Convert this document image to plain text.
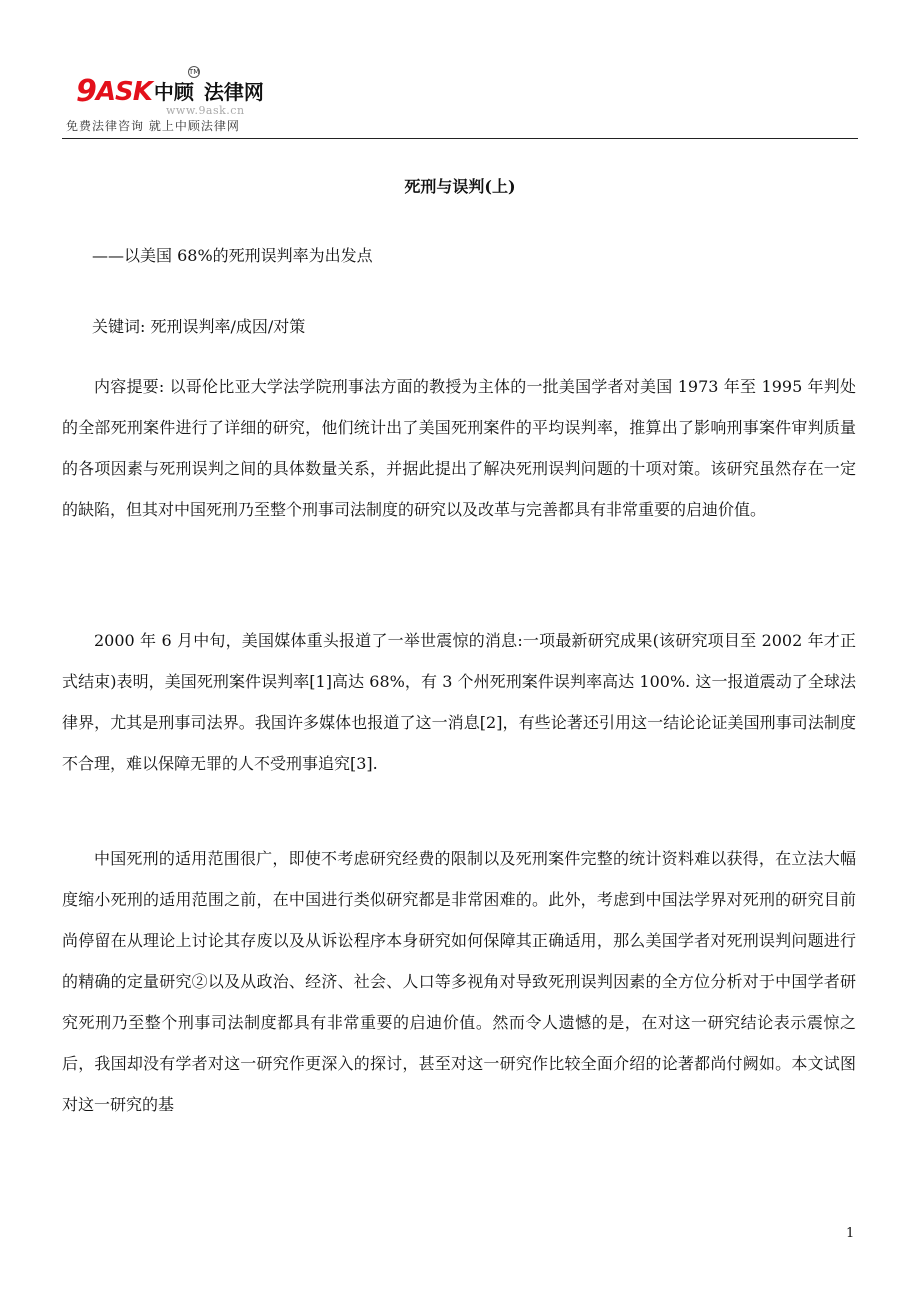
9 ASK 中顾 法律网
TM
www.9ask.cn
免费法律咨询 就上中顾法律网
死刑与误判(上)
——以美国 68%的死刑误判率为出发点
关键词: 死刑误判率/成因/对策
内容提要: 以哥伦比亚大学法学院刑事法方面的教授为主体的一批美国学者对美国 1973 年至 1995 年判处的全部死刑案件进行了详细的研究，他们统计出了美国死刑案件的平均误判率，推算出了影响刑事案件审判质量的各项因素与死刑误判之间的具体数量关系，并据此提出了解决死刑误判问题的十项对策。该研究虽然存在一定的缺陷，但其对中国死刑乃至整个刑事司法制度的研究以及改革与完善都具有非常重要的启迪价值。
2000 年 6 月中旬，美国媒体重头报道了一举世震惊的消息:一项最新研究成果(该研究项目至 2002 年才正式结束)表明，美国死刑案件误判率[1]高达 68%，有 3 个州死刑案件误判率高达 100%. 这一报道震动了全球法律界，尤其是刑事司法界。我国许多媒体也报道了这一消息[2]，有些论著还引用这一结论论证美国刑事司法制度不合理，难以保障无罪的人不受刑事追究[3].
中国死刑的适用范围很广，即使不考虑研究经费的限制以及死刑案件完整的统计资料难以获得，在立法大幅度缩小死刑的适用范围之前，在中国进行类似研究都是非常困难的。此外，考虑到中国法学界对死刑的研究目前尚停留在从理论上讨论其存废以及从诉讼程序本身研究如何保障其正确适用，那么美国学者对死刑误判问题进行的精确的定量研究②以及从政治、经济、社会、人口等多视角对导致死刑误判因素的全方位分析对于中国学者研究死刑乃至整个刑事司法制度都具有非常重要的启迪价值。然而令人遗憾的是，在对这一研究结论表示震惊之后，我国却没有学者对这一研究作更深入的探讨，甚至对这一研究作比较全面介绍的论著都尚付阙如。本文试图对这一研究的基
1
